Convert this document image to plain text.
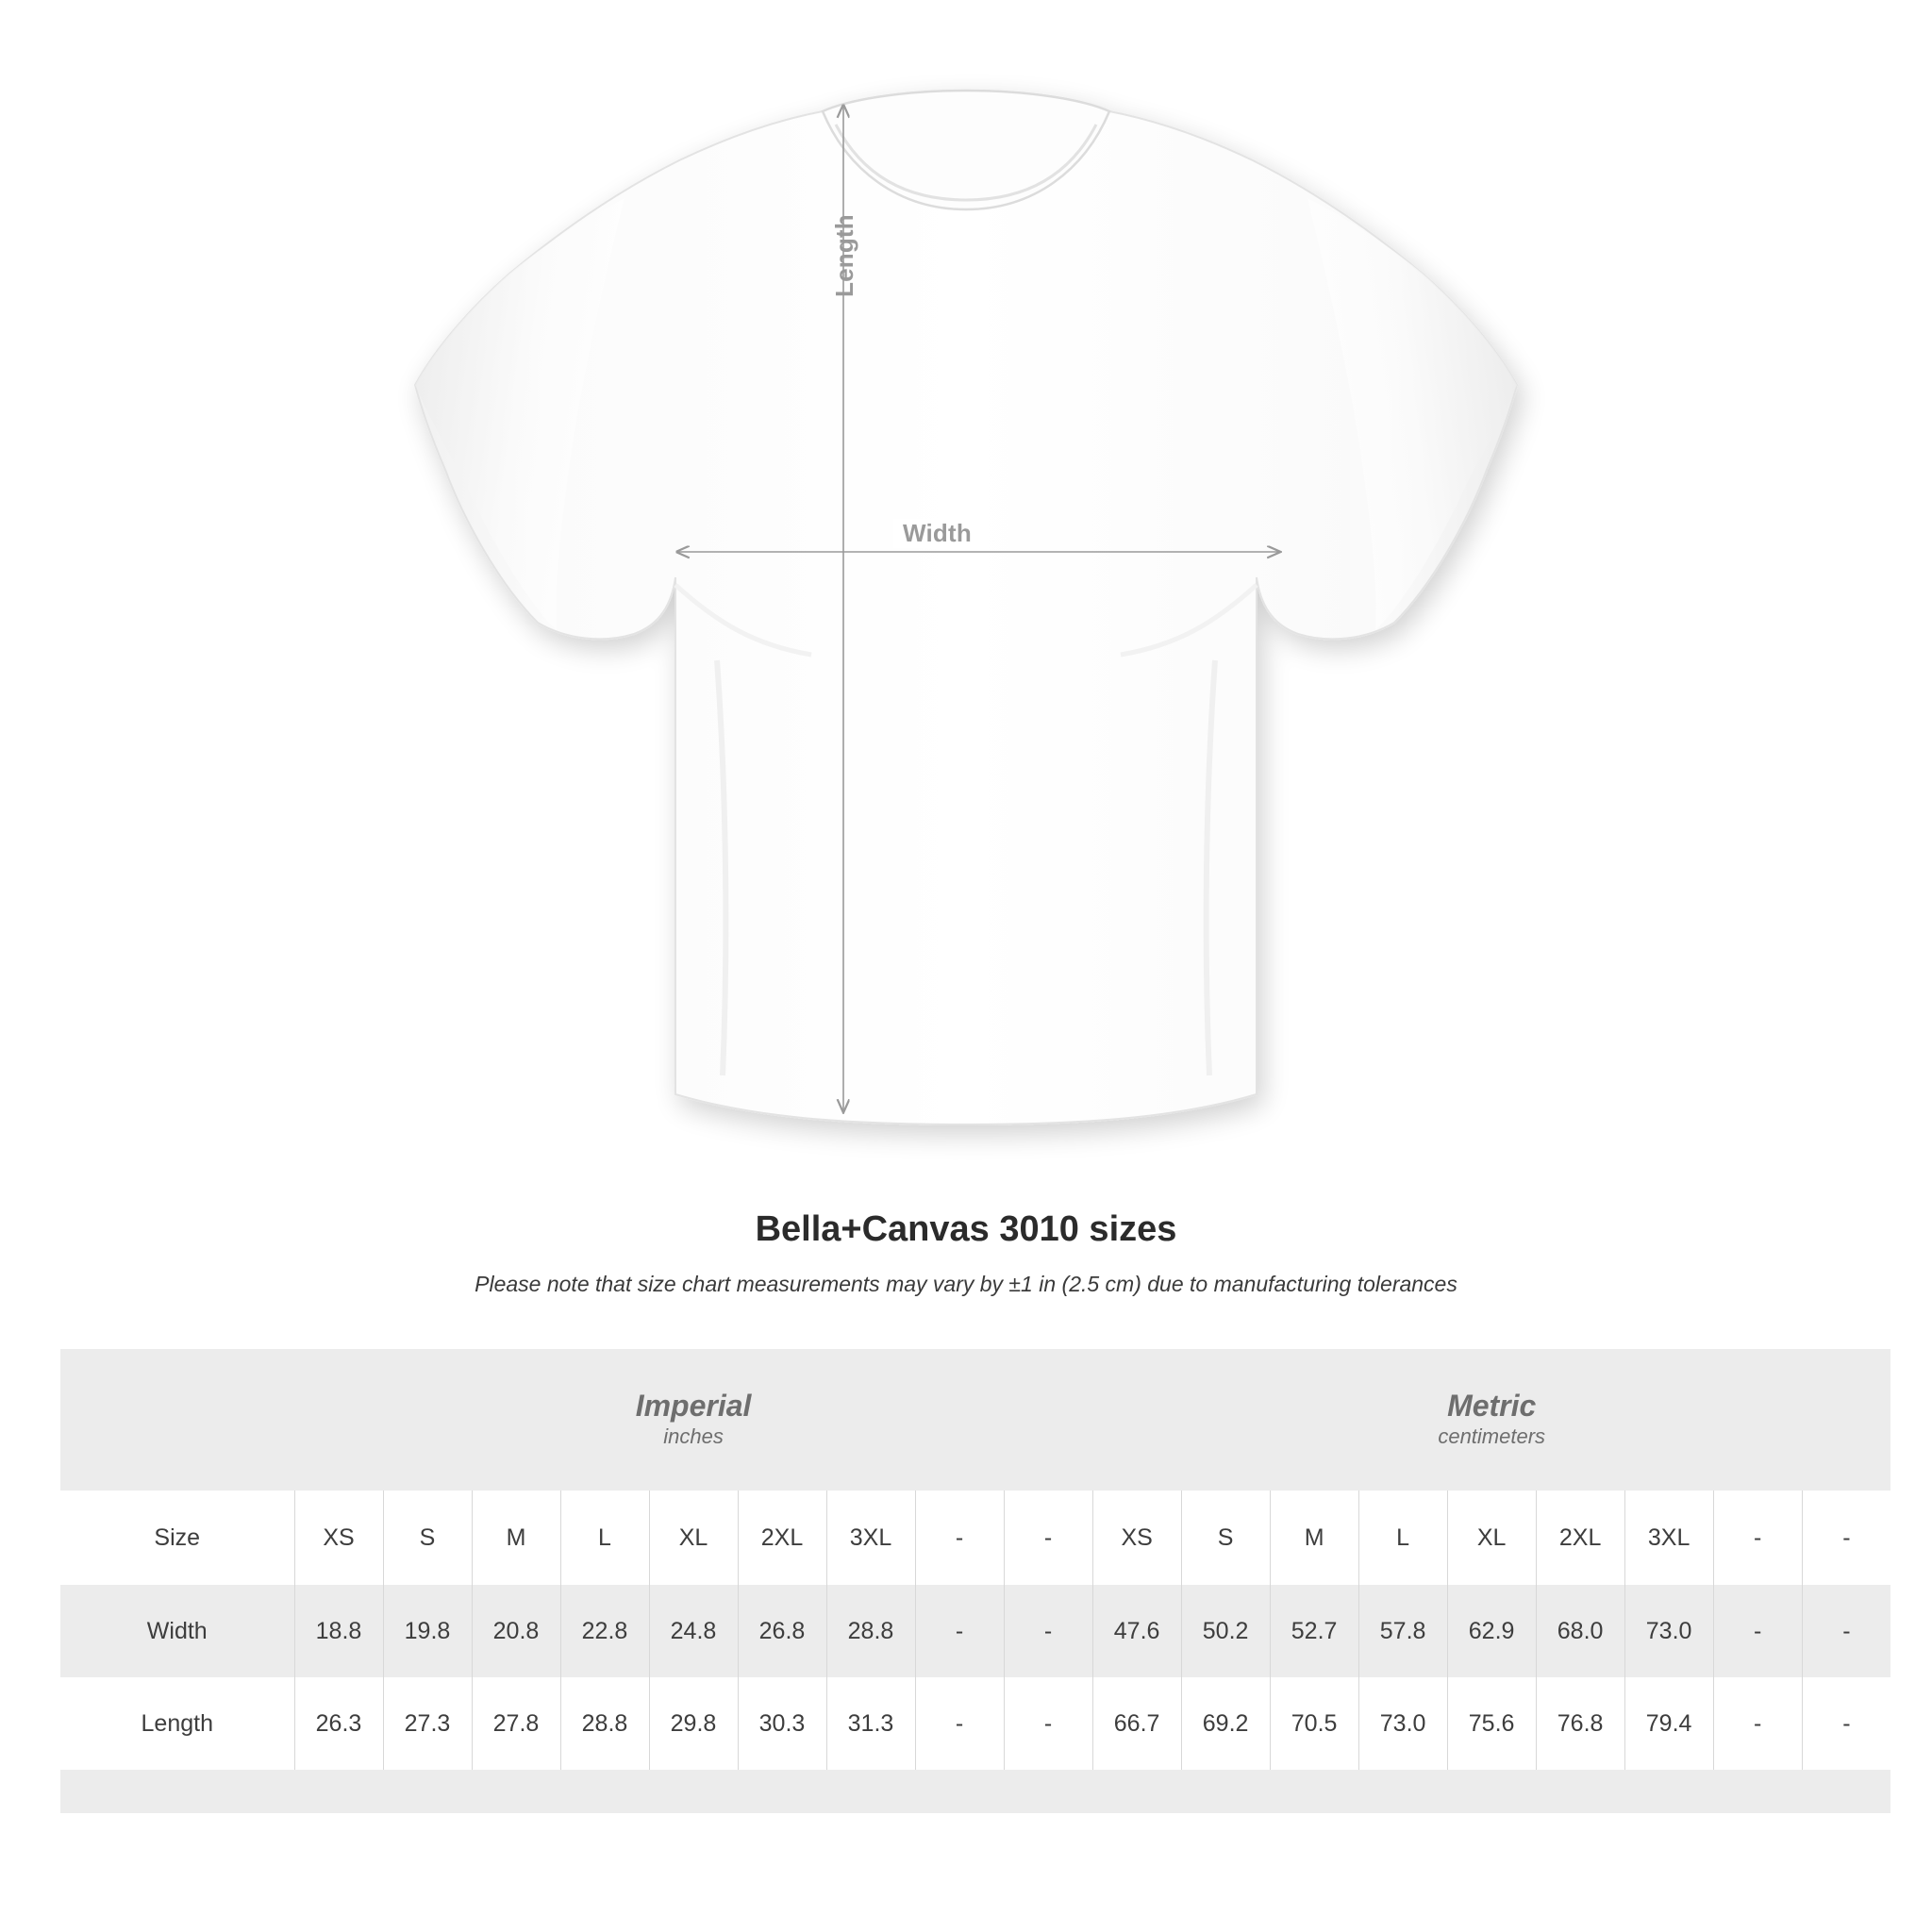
Length
Width
Bella+Canvas 3010 sizes
Please note that size chart measurements may vary by ±1 in (2.5 cm) due to manufacturing tolerances

Imperial
inches

Metric
centimeters

Size	XS	S	M	L	XL	2XL	3XL	-	-	XS	S	M	L	XL	2XL	3XL	-	-
Width	18.8	19.8	20.8	22.8	24.8	26.8	28.8	-	-	47.6	50.2	52.7	57.8	62.9	68.0	73.0	-	-
Length	26.3	27.3	27.8	28.8	29.8	30.3	31.3	-	-	66.7	69.2	70.5	73.0	75.6	76.8	79.4	-	-
